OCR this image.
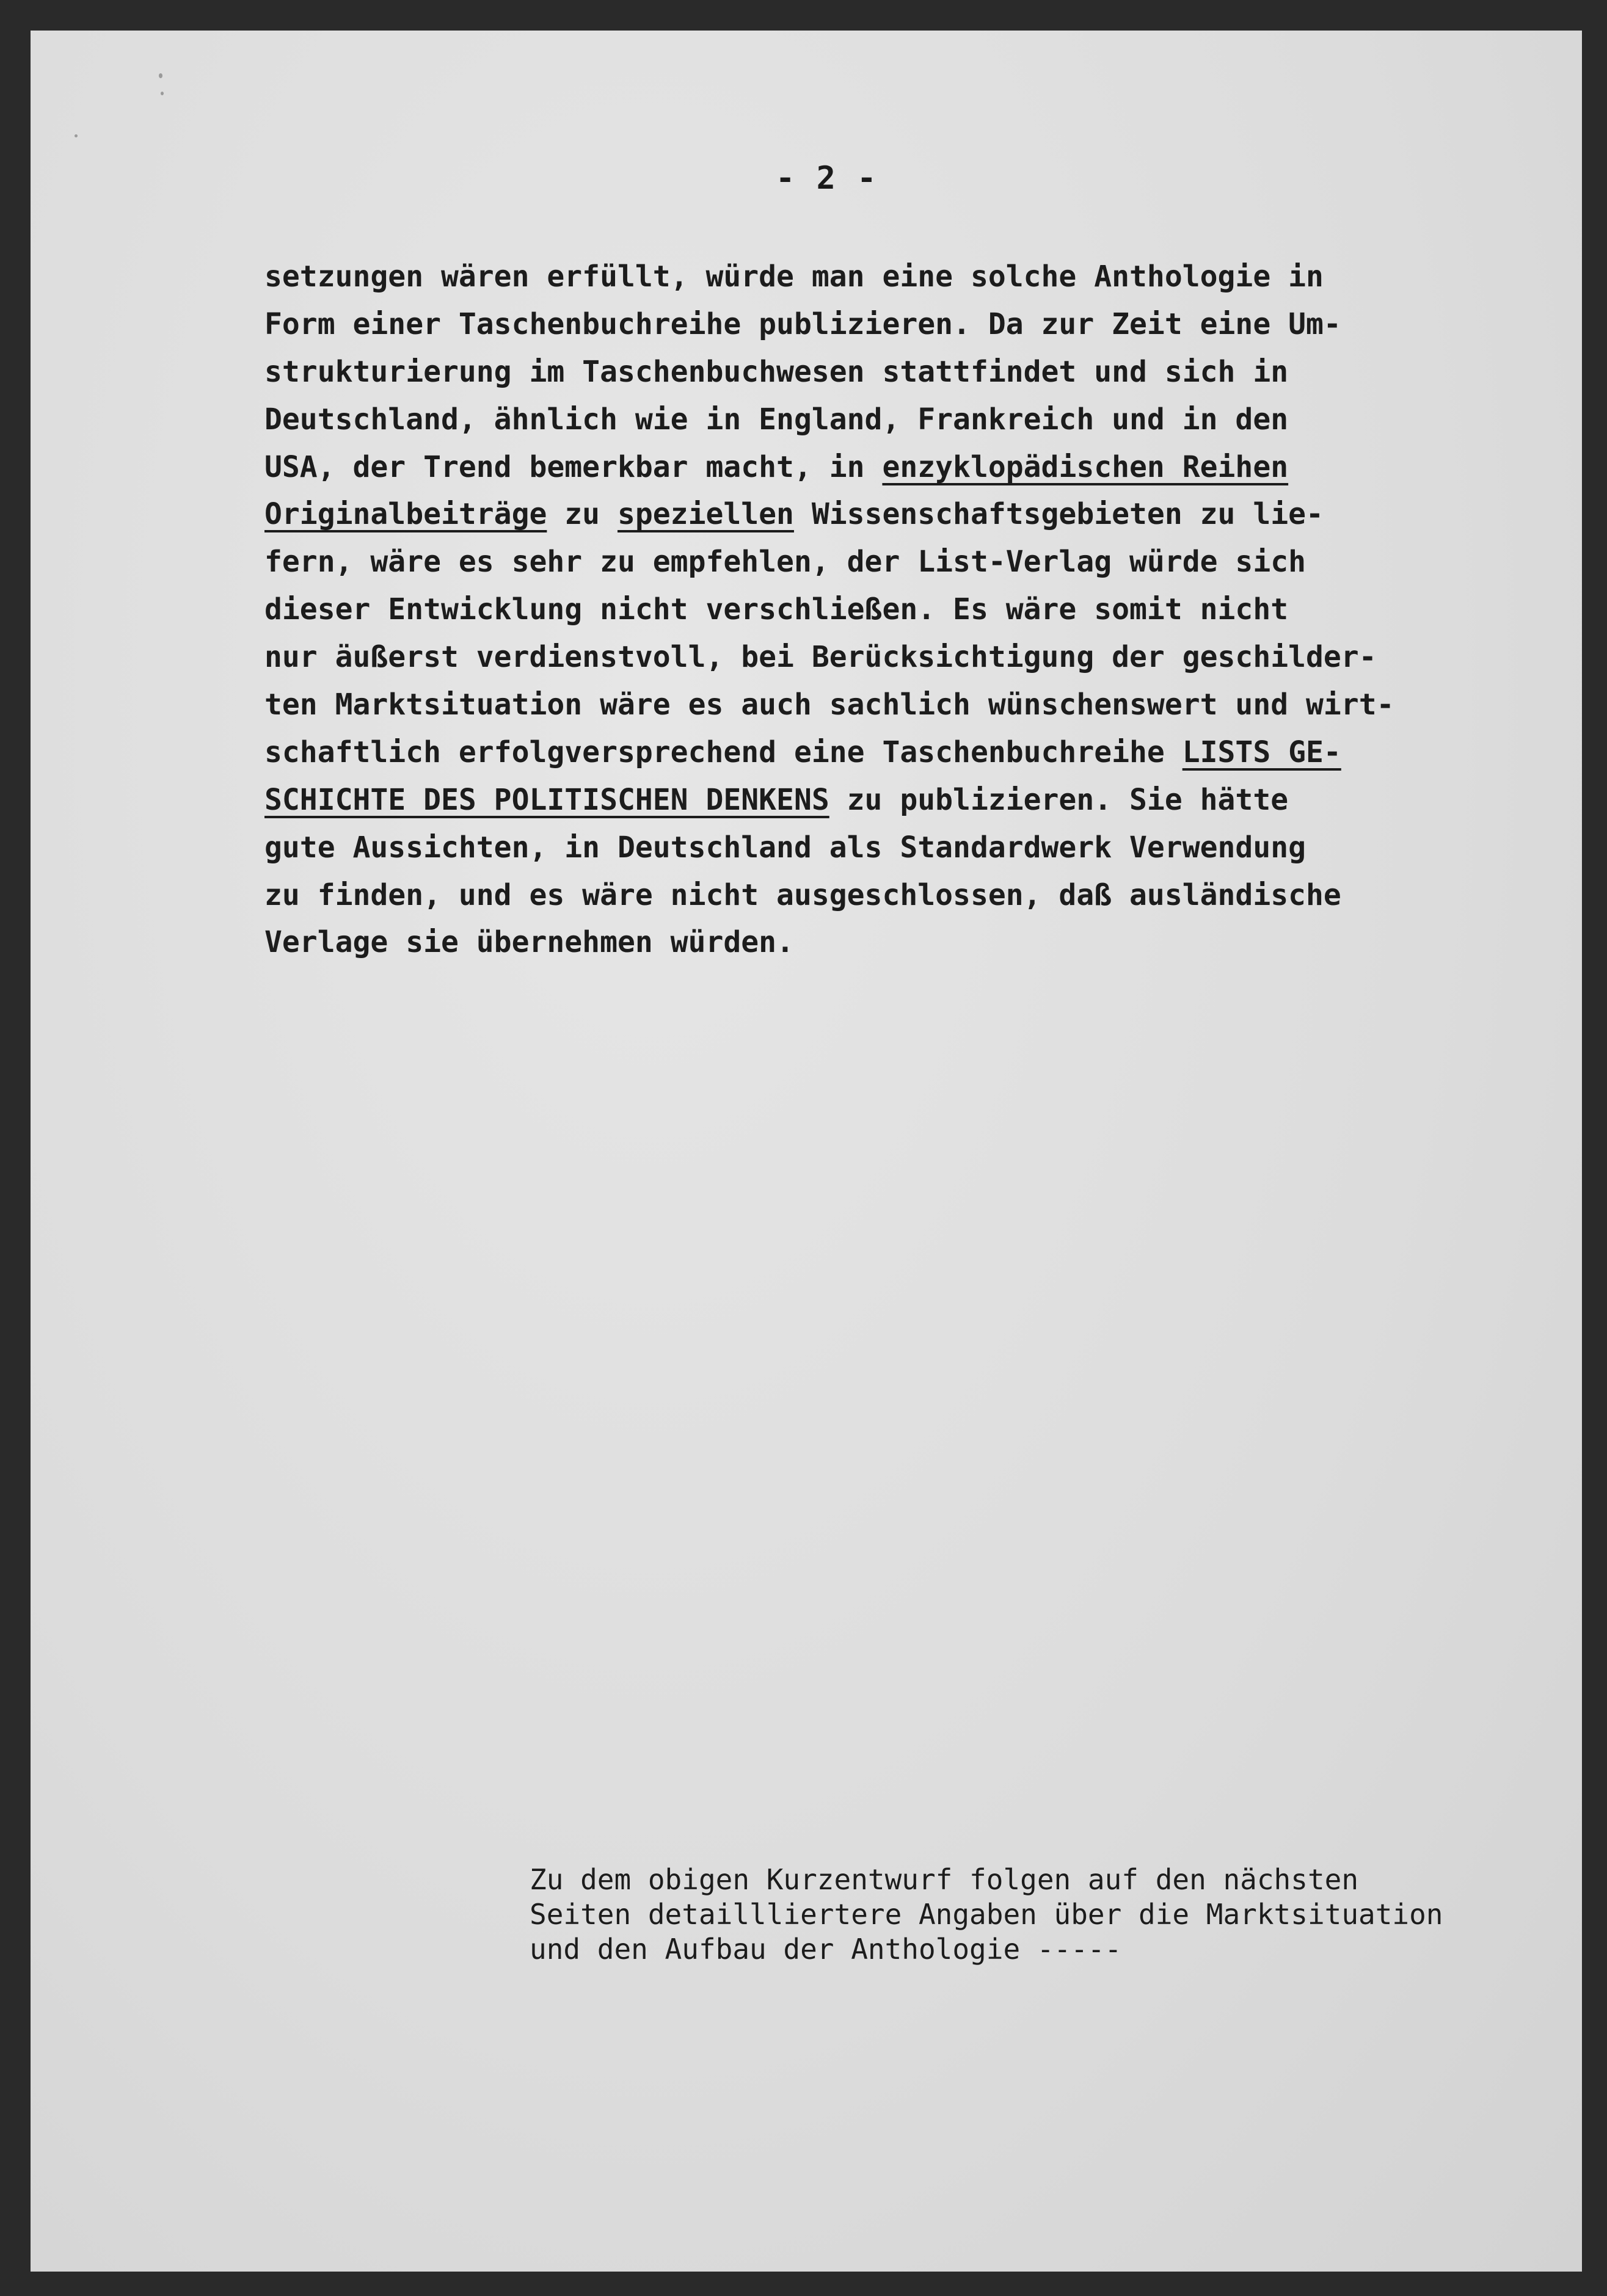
- 2 -
setzungen wären erfüllt, würde man eine solche Anthologie in
Form einer Taschenbuchreihe publizieren. Da zur Zeit eine Um-
strukturierung im Taschenbuchwesen stattfindet und sich in
Deutschland, ähnlich wie in England, Frankreich und in den
USA, der Trend bemerkbar macht, in enzyklopädischen Reihen
Originalbeiträge zu speziellen Wissenschaftsgebieten zu lie-
fern, wäre es sehr zu empfehlen, der List-Verlag würde sich
dieser Entwicklung nicht verschließen. Es wäre somit nicht
nur äußerst verdienstvoll, bei Berücksichtigung der geschilder-
ten Marktsituation wäre es auch sachlich wünschenswert und wirt-
schaftlich erfolgversprechend eine Taschenbuchreihe LISTS GE-
SCHICHTE DES POLITISCHEN DENKENS zu publizieren. Sie hätte
gute Aussichten, in Deutschland als Standardwerk Verwendung
zu finden, und es wäre nicht ausgeschlossen, daß ausländische
Verlage sie übernehmen würden.
Zu dem obigen Kurzentwurf folgen auf den nächsten
Seiten detaillliertere Angaben über die Marktsituation
und den Aufbau der Anthologie -----
